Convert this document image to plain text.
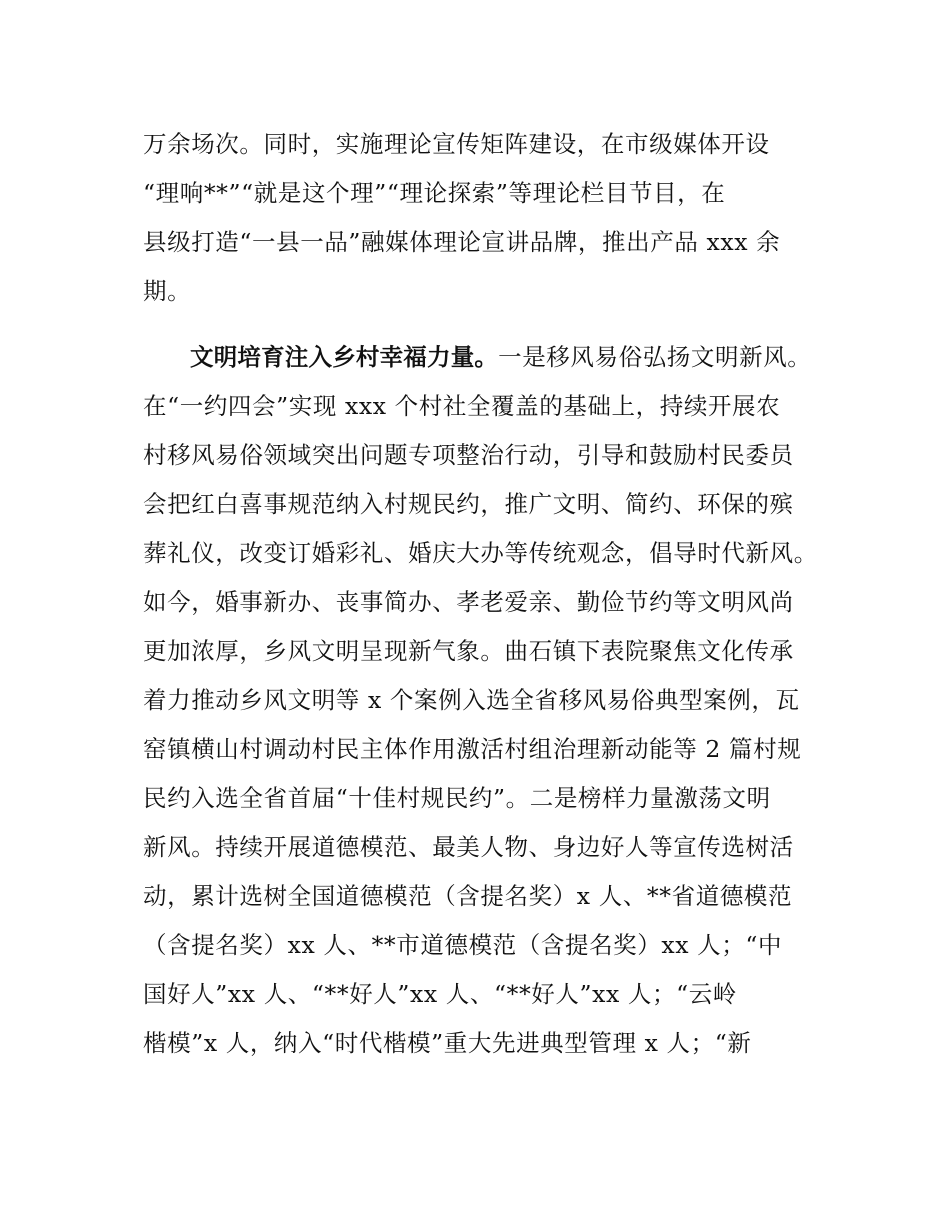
万余场次。同时，实施理论宣传矩阵建设，在市级媒体开设
“理响**”“就是这个理”“理论探索”等理论栏目节目，在
县级打造“一县一品”融媒体理论宣讲品牌，推出产品 xxx 余
期。
文明培育注入乡村幸福力量。一是移风易俗弘扬文明新风。
在“一约四会”实现 xxx 个村社全覆盖的基础上，持续开展农
村移风易俗领域突出问题专项整治行动，引导和鼓励村民委员
会把红白喜事规范纳入村规民约，推广文明、简约、环保的殡
葬礼仪，改变订婚彩礼、婚庆大办等传统观念，倡导时代新风。
如今，婚事新办、丧事简办、孝老爱亲、勤俭节约等文明风尚
更加浓厚，乡风文明呈现新气象。曲石镇下表院聚焦文化传承
着力推动乡风文明等 x 个案例入选全省移风易俗典型案例，瓦
窑镇横山村调动村民主体作用激活村组治理新动能等 2 篇村规
民约入选全省首届“十佳村规民约”。二是榜样力量激荡文明
新风。持续开展道德模范、最美人物、身边好人等宣传选树活
动，累计选树全国道德模范（含提名奖）x 人、**省道德模范
（含提名奖）xx 人、**市道德模范（含提名奖）xx 人；“中
国好人”xx 人、“**好人”xx 人、“**好人”xx 人；“云岭
楷模”x 人，纳入“时代楷模”重大先进典型管理 x 人；“新
